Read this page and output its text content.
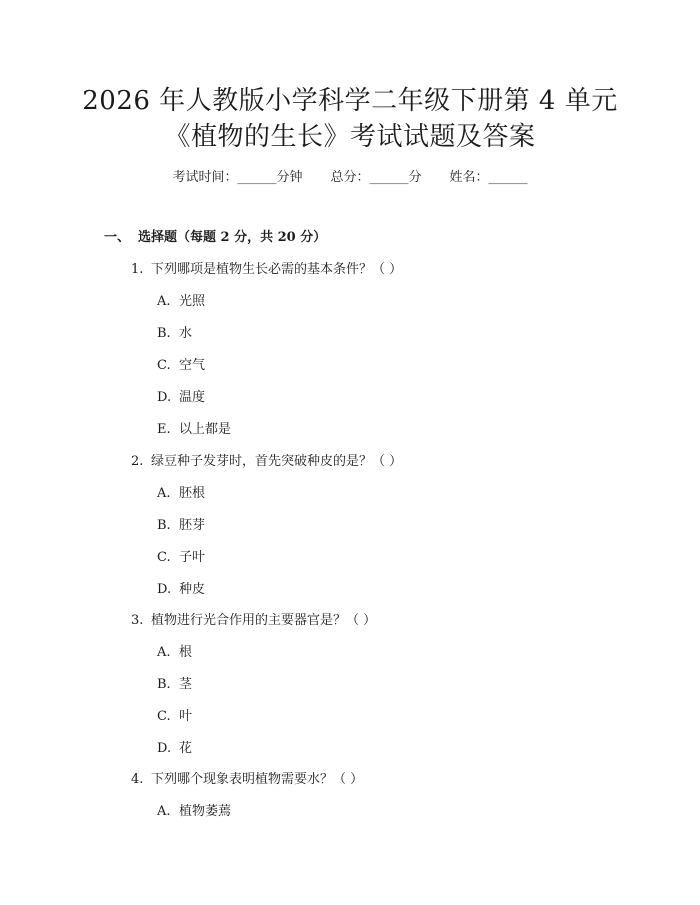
2026 年人教版小学科学二年级下册第 4 单元
《植物的生长》考试试题及答案
考试时间：______分钟 总分：______分 姓名：______
一、 选择题（每题 2 分，共 20 分）
1. 下列哪项是植物生长必需的基本条件？（ ）
A. 光照
B. 水
C. 空气
D. 温度
E. 以上都是
2. 绿豆种子发芽时，首先突破种皮的是？（ ）
A. 胚根
B. 胚芽
C. 子叶
D. 种皮
3. 植物进行光合作用的主要器官是？（ ）
A. 根
B. 茎
C. 叶
D. 花
4. 下列哪个现象表明植物需要水？（ ）
A. 植物萎蔫
